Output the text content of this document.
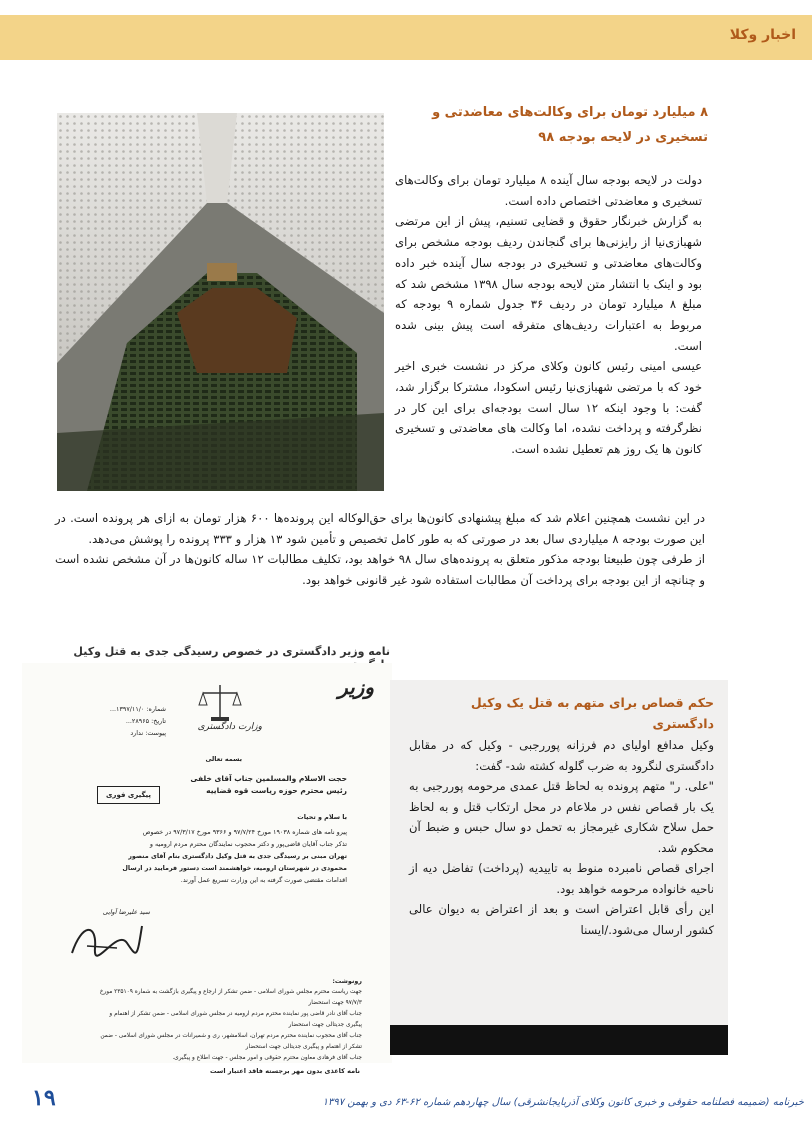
اخبار وکلا
۸ میلیارد تومان برای وکالت‌های معاضدتی و تسخیری در لایحه بودجه ۹۸

دولت در لایحه بودجه سال آینده ۸ میلیارد تومان برای وکالت‌های تسخیری و معاضدتی اختصاص داده است.

به گزارش خبرنگار حقوق و قضایی تسنیم، پیش از این مرتضی شهبازی‌نیا از رایزنی‌ها برای گنجاندن ردیف بودجه مشخص برای وکالت‌های معاضدتی و تسخیری در بودجه سال آینده خبر داده بود و اینک با انتشار متن لایحه بودجه سال ۱۳۹۸ مشخص شد که مبلغ ۸ میلیارد تومان در ردیف ۳۶ جدول شماره ۹ بودجه که مربوط به اعتبارات ردیف‌های متفرقه است پیش بینی شده است.

عیسی امینی رئیس کانون وکلای مرکز در نشست خبری اخیر خود که با مرتضی شهبازی‌نیا رئیس اسکودا، مشترکا برگزار شد، گفت: با وجود اینکه ۱۲ سال است بودجه‌ای برای این کار در نظرگرفته و پرداخت نشده، اما وکالت های معاضدتی و تسخیری کانون ها یک روز هم تعطیل نشده است.

در این نشست همچنین اعلام شد که مبلغ پیشنهادی کانون‌ها برای حق‌الوکاله این پرونده‌ها ۶۰۰ هزار تومان به ازای هر پرونده است. در این صورت بودجه ۸ میلیاردی سال بعد در صورتی که به طور کامل تخصیص و تأمین شود ۱۳ هزار و ۳۳۳ پرونده را پوشش می‌دهد.

از طرفی چون طبیعتا بودجه مذکور متعلق به پرونده‌های سال ۹۸ خواهد بود، تکلیف مطالبات ۱۲ ساله کانون‌ها در آن مشخص نشده است و چنانچه از این بودجه برای پرداخت آن مطالبات استفاده شود غیر قانونی خواهد بود.

نامه وزیر دادگستری در خصوص رسیدگی جدی به قتل وکیل
وزیر
وزارت دادگستری
شماره: ۱۳۹۷/۱۱/۰...
تاریخ: ۲۸۹۶۵...
پیوست: ندارد
بسمه تعالی
حجت الاسلام والمسلمین جناب آقای خلفی
رئیس محترم حوزه ریاست قوه قضاییه
پیگیری فوری
با سلام و تحیات
پیرو نامه های شماره ۱۹۰۳۸ مورخ ۹۷/۷/۲۴ و ۹۳۶۶ مورخ ۹۷/۳/۱۷ در خصوص
تذکر جناب آقایان قاضی‌پور و دکتر محجوب نمایندگان محترم مردم ارومیه و
تهران مبنی بر رسیدگی جدی به قتل وکیل دادگستری بنام آقای منصور
محمودی در شهرستان ارومیه، خواهشمند است دستور فرمایید در ارسال
اقدامات مقتضی صورت گرفته به این وزارت تسریع عمل آورند.
سید علیرضا آوایی
رونوشت:
جهت ریاست محترم مجلس شورای اسلامی - ضمن تشکر از ارجاع و پیگیری بازگشت به شماره ۲۳۵۱۰۹ مورخ
۹۷/۷/۳ جهت استحضار
جناب آقای نادر قاضی پور نماینده محترم مردم ارومیه در مجلس شورای اسلامی - ضمن تشکر از اهتمام و
پیگیری جدیتالی جهت استحضار
جناب آقای محجوب نماینده محترم مردم تهران، اسلامشهر، ری و شمیرانات در مجلس شورای اسلامی - ضمن
تشکر از اهتمام و پیگیری جدیتالی جهت استحضار
جناب آقای فرهادی معاون محترم حقوقی و امور مجلس - جهت اطلاع و پیگیری.
نامه کاغذی بدون مهر برجسته فاقد اعتبار است
حکم قصاص برای متهم به قتل یک وکیل دادگستری

وکیل مدافع اولیای دم فرزانه پوررجبی - وکیل که در مقابل دادگستری لنگرود به ضرب گلوله کشته شد- گفت:

"علی. ر" متهم پرونده به لحاظ قتل عمدی مرحومه پوررجبی به یک بار قصاص نفس در ملاعام در محل ارتکاب قتل و به لحاظ حمل سلاح شکاری غیرمجاز به تحمل دو سال حبس و ضبط آن محکوم شد.

اجرای قصاص نامبرده منوط به تاییدیه (پرداخت) تفاضل دیه از ناحیه خانواده مرحومه خواهد بود.

این رأی قابل اعتراض است و بعد از اعتراض به دیوان عالی کشور ارسال می‌شود./ایسنا

۱۹	خبرنامه (ضمیمه فصلنامه حقوقی و خبری کانون وکلای آذربایجانشرقی) سال چهاردهم شماره ۶۲-۶۳ دی و بهمن ۱۳۹۷
